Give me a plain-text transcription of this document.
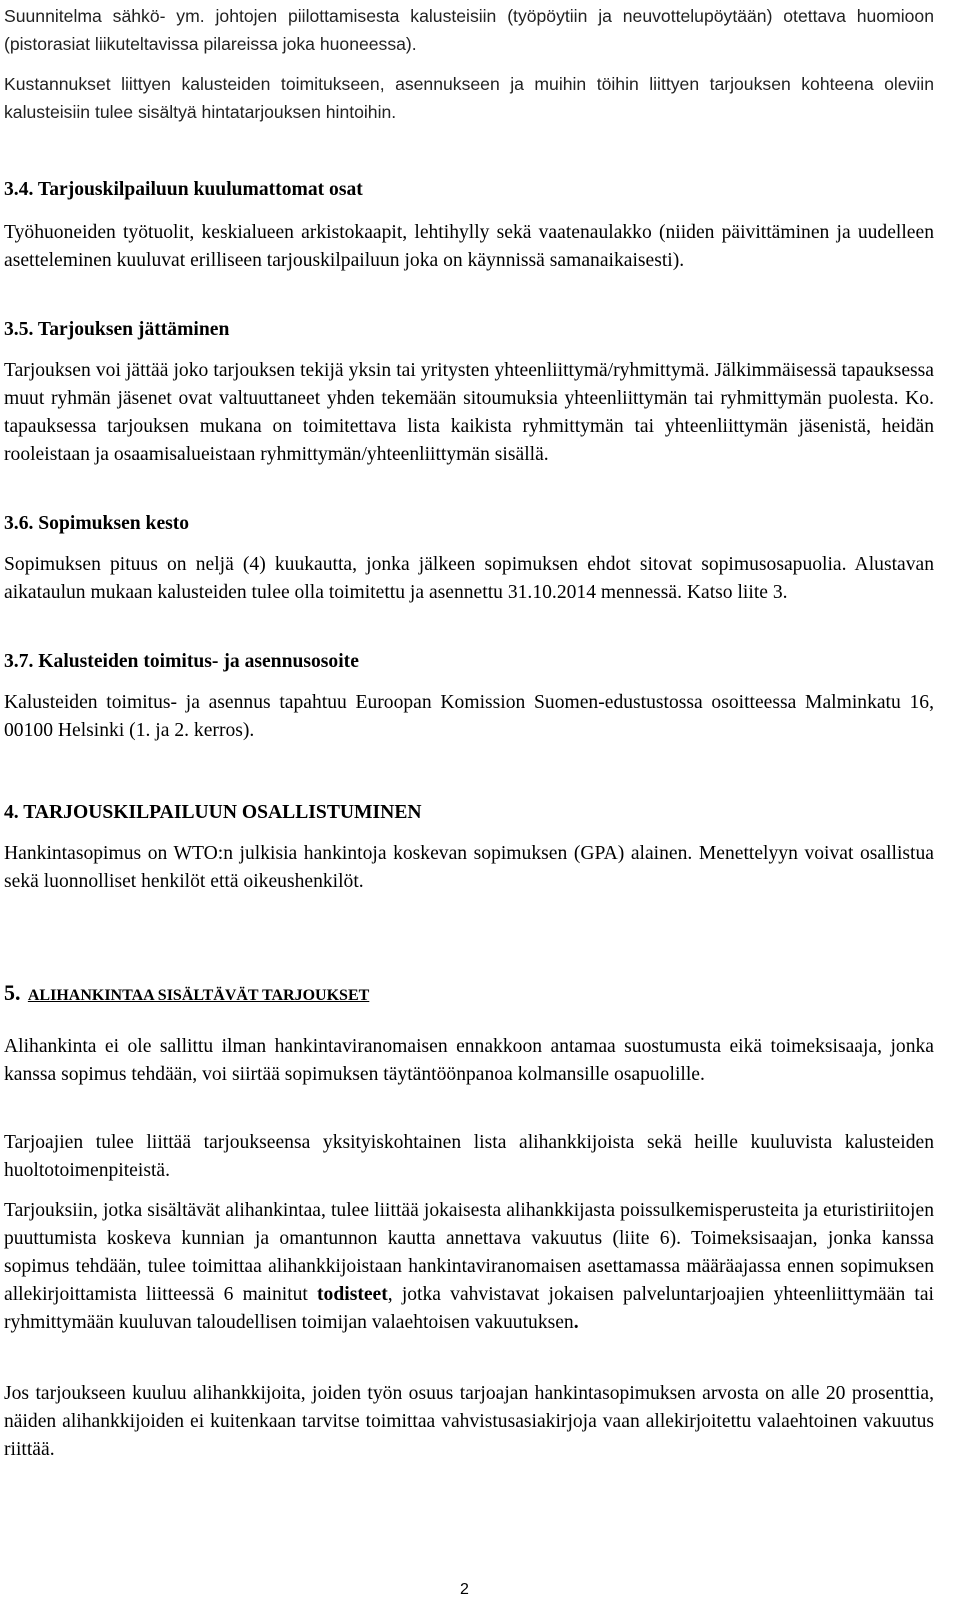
Suunnitelma sähkö- ym. johtojen piilottamisesta kalusteisiin (työpöytiin ja neuvottelupöytään) otettava huomioon (pistorasiat liikuteltavissa pilareissa joka huoneessa).

Kustannukset liittyen kalusteiden toimitukseen, asennukseen ja muihin töihin liittyen tarjouksen kohteena oleviin kalusteisiin tulee sisältyä hintatarjouksen hintoihin.

3.4. Tarjouskilpailuun kuulumattomat osat

Työhuoneiden työtuolit, keskialueen arkistokaapit, lehtihylly sekä vaatenaulakko (niiden päivittäminen ja uudelleen asetteleminen kuuluvat erilliseen tarjouskilpailuun joka on käynnissä samanaikaisesti).

3.5. Tarjouksen jättäminen

Tarjouksen voi jättää joko tarjouksen tekijä yksin tai yritysten yhteenliittymä/ryhmittymä. Jälkimmäisessä tapauksessa muut ryhmän jäsenet ovat valtuuttaneet yhden tekemään sitoumuksia yhteenliittymän tai ryhmittymän puolesta. Ko. tapauksessa tarjouksen mukana on toimitettava lista kaikista ryhmittymän tai yhteenliittymän jäsenistä, heidän rooleistaan ja osaamisalueistaan ryhmittymän/yhteenliittymän sisällä.

3.6. Sopimuksen kesto

Sopimuksen pituus on neljä (4) kuukautta, jonka jälkeen sopimuksen ehdot sitovat sopimusosapuolia. Alustavan aikataulun mukaan kalusteiden tulee olla toimitettu ja asennettu 31.10.2014 mennessä. Katso liite 3.

3.7. Kalusteiden toimitus- ja asennusosoite

Kalusteiden toimitus- ja asennus tapahtuu Euroopan Komission Suomen-edustustossa osoitteessa Malminkatu 16, 00100 Helsinki (1. ja 2. kerros).

4. TARJOUSKILPAILUUN OSALLISTUMINEN

Hankintasopimus on WTO:n julkisia hankintoja koskevan sopimuksen (GPA) alainen. Menettelyyn voivat osallistua sekä luonnolliset henkilöt että oikeushenkilöt.

5. ALIHANKINTAA SISÄLTÄVÄT TARJOUKSET

Alihankinta ei ole sallittu ilman hankintaviranomaisen ennakkoon antamaa suostumusta eikä toimeksisaaja, jonka kanssa sopimus tehdään, voi siirtää sopimuksen täytäntöönpanoa kolmansille osapuolille.

Tarjoajien tulee liittää tarjoukseensa yksityiskohtainen lista alihankkijoista sekä heille kuuluvista kalusteiden huoltotoimenpiteistä.

Tarjouksiin, jotka sisältävät alihankintaa, tulee liittää jokaisesta alihankkijasta poissulkemisperusteita ja eturistiriitojen puuttumista koskeva kunnian ja omantunnon kautta annettava vakuutus (liite 6). Toimeksisaajan, jonka kanssa sopimus tehdään, tulee toimittaa alihankkijoistaan hankintaviranomaisen asettamassa määräajassa ennen sopimuksen allekirjoittamista liitteessä 6 mainitut todisteet, jotka vahvistavat jokaisen palveluntarjoajien yhteenliittymään tai ryhmittymään kuuluvan taloudellisen toimijan valaehtoisen vakuutuksen.

Jos tarjoukseen kuuluu alihankkijoita, joiden työn osuus tarjoajan hankintasopimuksen arvosta on alle 20 prosenttia, näiden alihankkijoiden ei kuitenkaan tarvitse toimittaa vahvistusasiakirjoja vaan allekirjoitettu valaehtoinen vakuutus riittää.

2
